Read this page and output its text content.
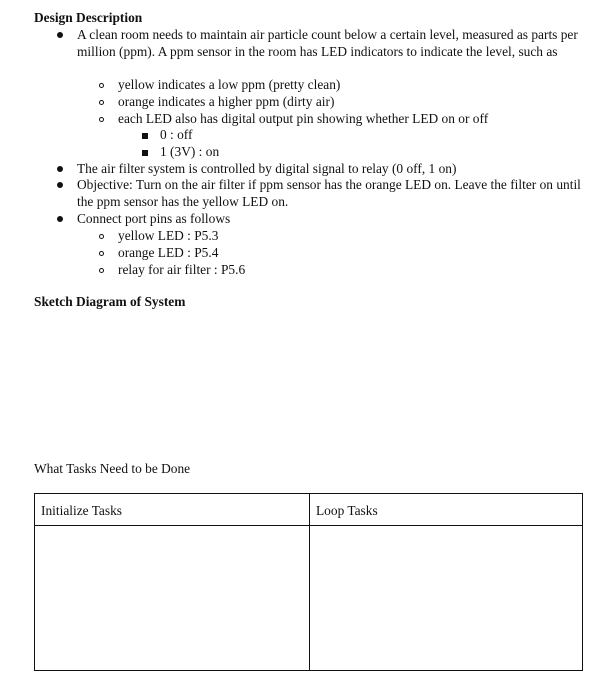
Design Description
A clean room needs to maintain air particle count below a certain level, measured as parts per million (ppm). A ppm sensor in the room has LED indicators to indicate the level, such as
yellow indicates a low ppm (pretty clean)
orange indicates a higher ppm (dirty air)
each LED also has digital output pin showing whether LED on or off
0 : off
1 (3V) : on
The air filter system is controlled by digital signal to relay (0 off, 1 on)
Objective: Turn on the air filter if ppm sensor has the orange LED on. Leave the filter on until the ppm sensor has the yellow LED on.
Connect port pins as follows
yellow LED : P5.3
orange LED : P5.4
relay for air filter : P5.6
Sketch Diagram of System
What Tasks Need to be Done
Initialize Tasks	Loop Tasks
